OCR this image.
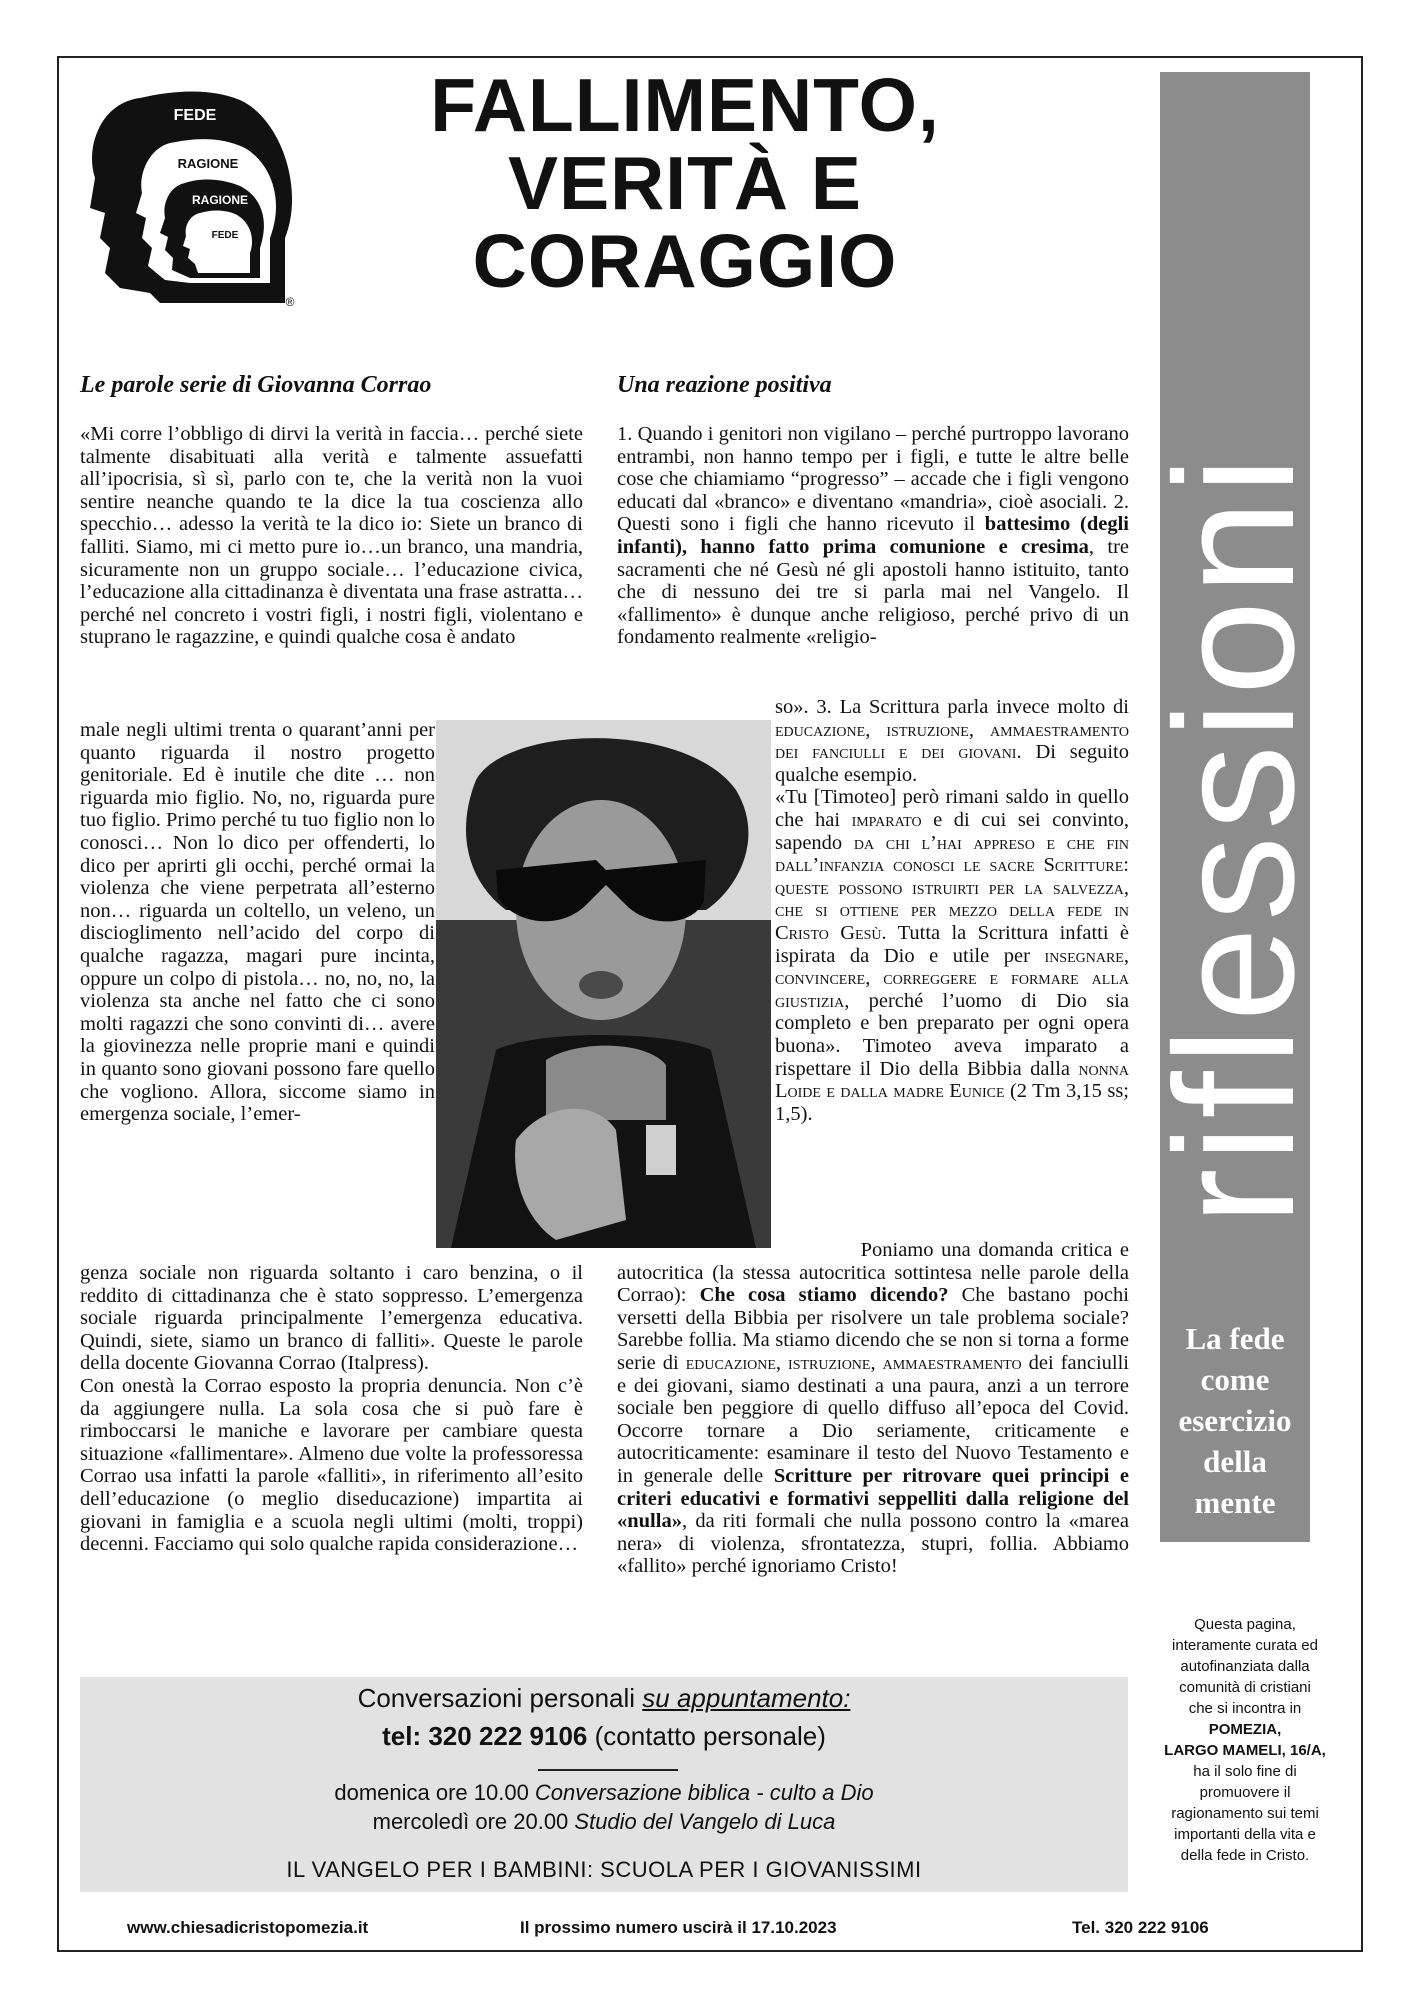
FEDE
RAGIONE
RAGIONE
FEDE
®
FALLIMENTO,
VERITÀ E
CORAGGIO
riflessioni
La fede
come
esercizio
della
mente
Le parole serie di Giovanna Corrao

«Mi corre l’obbligo di dirvi la verità in faccia… perché siete talmente disabituati alla verità e talmente assuefatti all’ipocrisia, sì sì, parlo con te, che la verità non la vuoi sentire neanche quando te la dice la tua coscienza allo specchio… adesso la verità te la dico io: Siete un branco di falliti. Siamo, mi ci metto pure io…un branco, una mandria, sicuramente non un gruppo sociale… l’educazione civica, l’educazione alla cittadinanza è diventata una frase astratta… perché nel concreto i vostri figli, i nostri figli, violentano e stuprano le ragazzine, e quindi qualche cosa è andato

male negli ultimi trenta o quarant’anni per quanto riguarda il nostro progetto genitoriale. Ed è inutile che dite … non riguarda mio figlio. No, no, riguarda pure tuo figlio. Primo perché tu tuo figlio non lo conosci… Non lo dico per offenderti, lo dico per aprirti gli occhi, perché ormai la violenza che viene perpetrata all’esterno non… riguarda un coltello, un veleno, un discioglimento nell’acido del corpo di qualche ragazza, magari pure incinta, oppure un colpo di pistola… no, no, no, la violenza sta anche nel fatto che ci sono molti ragazzi che sono convinti di… avere la giovinezza nelle proprie mani e quindi in quanto sono giovani possono fare quello che vogliono. Allora, siccome siamo in emergenza sociale, l’emer-

genza sociale non riguarda soltanto i caro benzina, o il reddito di cittadinanza che è stato soppresso. L’emergenza sociale riguarda principalmente l’emergenza educativa. Quindi, siete, siamo un branco di falliti». Queste le parole della docente Giovanna Corrao (Italpress).

Con onestà la Corrao esposto la propria denuncia. Non c’è da aggiungere nulla. La sola cosa che si può fare è rimboccarsi le maniche e lavorare per cambiare questa situazione «fallimentare». Almeno due volte la professoressa Corrao usa infatti la parole «falliti», in riferimento all’esito dell’educazione (o meglio diseducazione) impartita ai giovani in famiglia e a scuola negli ultimi (molti, troppi) decenni. Facciamo qui solo qualche rapida considerazione…

Una reazione positiva

1. Quando i genitori non vigilano – perché purtroppo lavorano entrambi, non hanno tempo per i figli, e tutte le altre belle cose che chiamiamo “progresso” – accade che i figli vengono educati dal «branco» e diventano «mandria», cioè asociali. 2. Questi sono i figli che hanno ricevuto il battesimo (degli infanti), hanno fatto prima comunione e cresima, tre sacramenti che né Gesù né gli apostoli hanno istituito, tanto che di nessuno dei tre si parla mai nel Vangelo. Il «fallimento» è dunque anche religioso, perché privo di un fondamento realmente «religio-

so». 3. La Scrittura parla invece molto di educazione, istruzione, ammaestramento dei fanciulli e dei giovani. Di seguito qualche esempio.

«Tu [Timoteo] però rimani saldo in quello che hai imparato e di cui sei convinto, sapendo da chi l’hai appreso e che fin dall’infanzia conosci le sacre Scritture: queste possono istruirti per la salvezza, che si ottiene per mezzo della fede in Cristo Gesù. Tutta la Scrittura infatti è ispirata da Dio e utile per insegnare, convincere, correggere e formare alla giustizia, perché l’uomo di Dio sia completo e ben preparato per ogni opera buona». Timoteo aveva imparato a rispettare il Dio della Bibbia dalla nonna Loide e dalla madre Eunice (2 Tm 3,15 ss; 1,5).

Poniamo una domanda critica e autocritica (la stessa autocritica sottintesa nelle parole della Corrao): Che cosa stiamo dicendo? Che bastano pochi versetti della Bibbia per risolvere un tale problema sociale? Sarebbe follia. Ma stiamo dicendo che se non si torna a forme serie di educazione, istruzione, ammaestramento dei fanciulli e dei giovani, siamo destinati a una paura, anzi a un terrore sociale ben peggiore di quello diffuso all’epoca del Covid. Occorre tornare a Dio seriamente, criticamente e autocriticamente: esaminare il testo del Nuovo Testamento e in generale delle Scritture per ritrovare quei principi e criteri educativi e formativi seppelliti dalla religione del «nulla», da riti formali che nulla possono contro la «marea nera» di violenza, sfrontatezza, stupri, follia. Abbiamo «fallito» perché ignoriamo Cristo!

Conversazioni personali su appuntamento:
tel: 320 222 9106 (contatto personale)
domenica ore 10.00 Conversazione biblica - culto a Dio
mercoledì ore 20.00 Studio del Vangelo di Luca
IL VANGELO PER I BAMBINI: SCUOLA PER I GIOVANISSIMI
Questa pagina,
interamente curata ed
autofinanziata dalla
comunità di cristiani
che si incontra in
POMEZIA,
LARGO MAMELI, 16/A,
ha il solo fine di
promuovere il
ragionamento sui temi
importanti della vita e
della fede in Cristo.
www.chiesadicristopomezia.it	Il prossimo numero uscirà il 17.10.2023	Tel. 320 222 9106
